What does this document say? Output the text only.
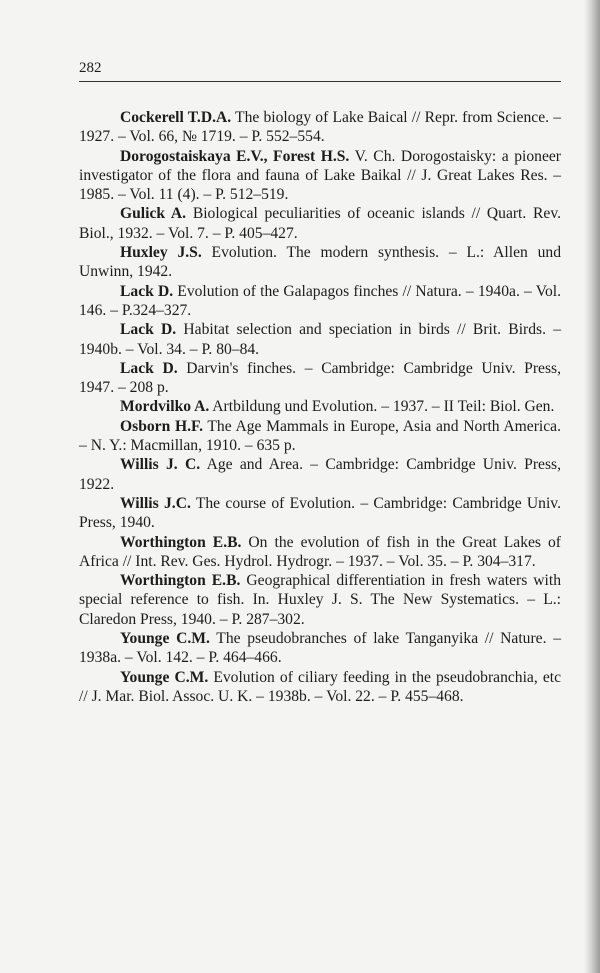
282

Cockerell T.D.A. The biology of Lake Baical // Repr. from Science. – 1927. – Vol. 66, № 1719. – P. 552–554.

Dorogostaiskaya E.V., Forest H.S. V. Ch. Dorogostaisky: a pioneer investigator of the flora and fauna of Lake Baikal // J. Great Lakes Res. – 1985. – Vol. 11 (4). – P. 512–519.

Gulick A. Biological peculiarities of oceanic islands // Quart. Rev. Biol., 1932. – Vol. 7. – P. 405–427.

Huxley J.S. Evolution. The modern synthesis. – L.: Allen und Unwinn, 1942.

Lack D. Evolution of the Galapagos finches // Natura. – 1940a. – Vol. 146. – P.324–327.

Lack D. Habitat selection and speciation in birds // Brit. Birds. – 1940b. – Vol. 34. – P. 80–84.

Lack D. Darvin's finches. – Cambridge: Cambridge Univ. Press, 1947. – 208 p.

Mordvilko A. Artbildung und Evolution. – 1937. – II Teil: Biol. Gen.

Osborn H.F. The Age Mammals in Europe, Asia and North America. – N. Y.: Macmillan, 1910. – 635 p.

Willis J. C. Age and Area. – Cambridge: Cambridge Univ. Press, 1922.

Willis J.C. The course of Evolution. – Cambridge: Cambridge Univ. Press, 1940.

Worthington E.B. On the evolution of fish in the Great Lakes of Africa // Int. Rev. Ges. Hydrol. Hydrogr. – 1937. – Vol. 35. – P. 304–317.

Worthington E.B. Geographical differentiation in fresh waters with special reference to fish. In. Huxley J. S. The New Systematics. – L.: Claredon Press, 1940. – P. 287–302.

Younge C.M. The pseudobranches of lake Tanganyika // Nature. – 1938a. – Vol. 142. – P. 464–466.

Younge C.M. Evolution of ciliary feeding in the pseudobranchia, etc // J. Mar. Biol. Assoc. U. K. – 1938b. – Vol. 22. – P. 455–468.
